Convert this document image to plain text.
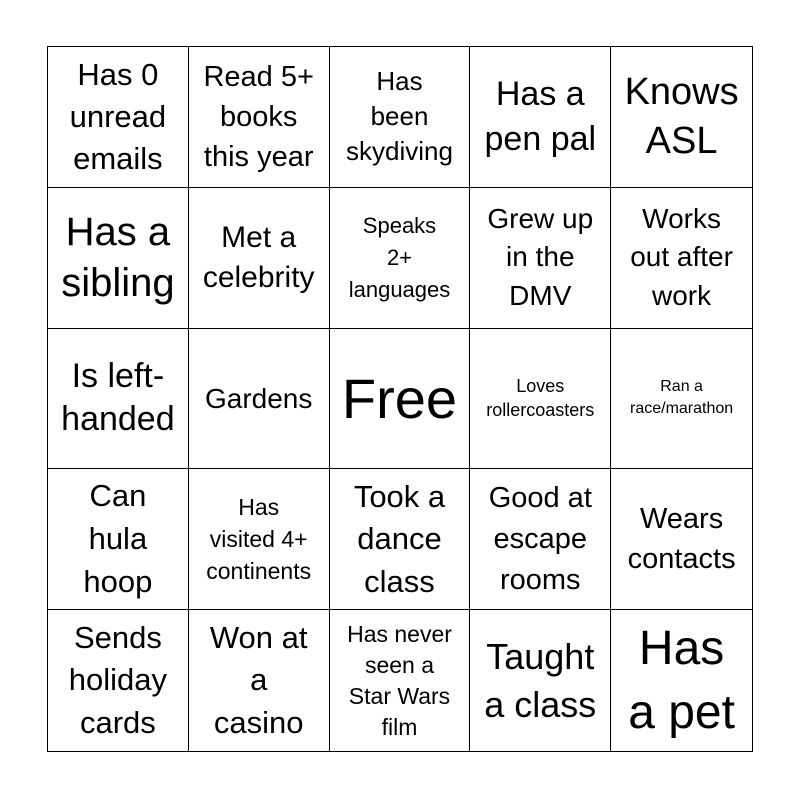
Has 0
unread
emails
Read 5+
books
this year
Has
been
skydiving
Has a
pen pal
Knows
ASL
Has a
sibling
Met a
celebrity
Speaks
2+
languages
Grew up
in the
DMV
Works
out after
work
Is left-
handed
Gardens Free	Loves
rollercoasters
Ran a
race/marathon
Can
hula
hoop
Has
visited 4+
continents
Took a
dance
class
Good at
escape
rooms
Wears
contacts
Sends
holiday
cards
Won at
a
casino
Has never
seen a
Star Wars
film
Taught
a class
Has
a pet
